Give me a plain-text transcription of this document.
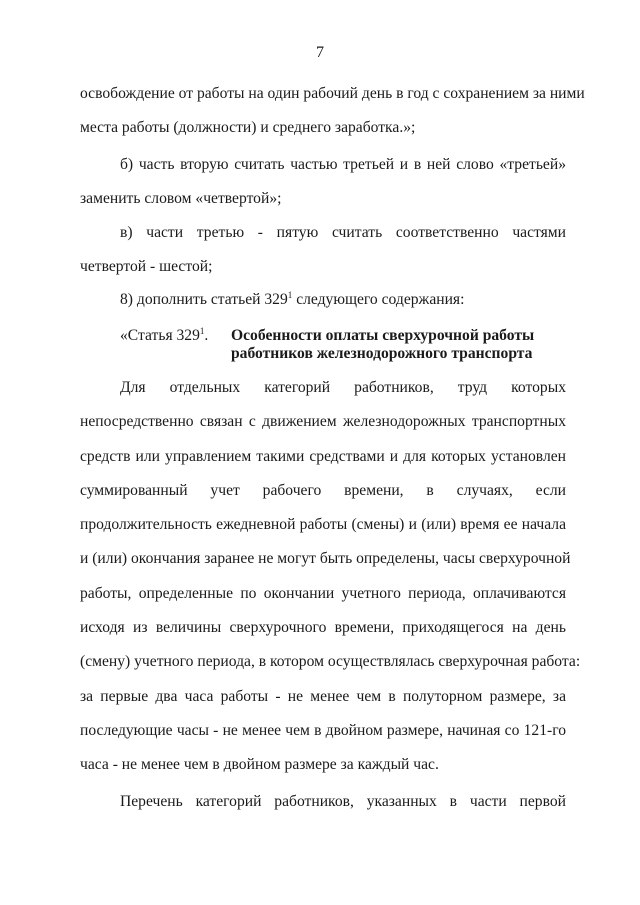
7
освобождение от работы на один рабочий день в год с сохранением за ними
места работы (должности) и среднего заработка.»;
б) часть вторую считать частью третьей и в ней слово «третьей»
заменить словом «четвертой»;
в) части третью - пятую считать соответственно частями
четвертой - шестой;
8) дополнить статьей $329^1$ следующего содержания:
«Статья $329^1$. Особенности оплаты сверхурочной работы
работников железнодорожного транспорта
Для отдельных категорий работников, труд которых
непосредственно связан с движением железнодорожных транспортных
средств или управлением такими средствами и для которых установлен
суммированный учет рабочего времени, в случаях, если
продолжительность ежедневной работы (смены) и (или) время ее начала
и (или) окончания заранее не могут быть определены, часы сверхурочной
работы, определенные по окончании учетного периода, оплачиваются
исходя из величины сверхурочного времени, приходящегося на день
(смену) учетного периода, в котором осуществлялась сверхурочная работа:
за первые два часа работы - не менее чем в полуторном размере, за
последующие часы - не менее чем в двойном размере, начиная со 121-го
часа - не менее чем в двойном размере за каждый час.
Перечень категорий работников, указанных в части первой
